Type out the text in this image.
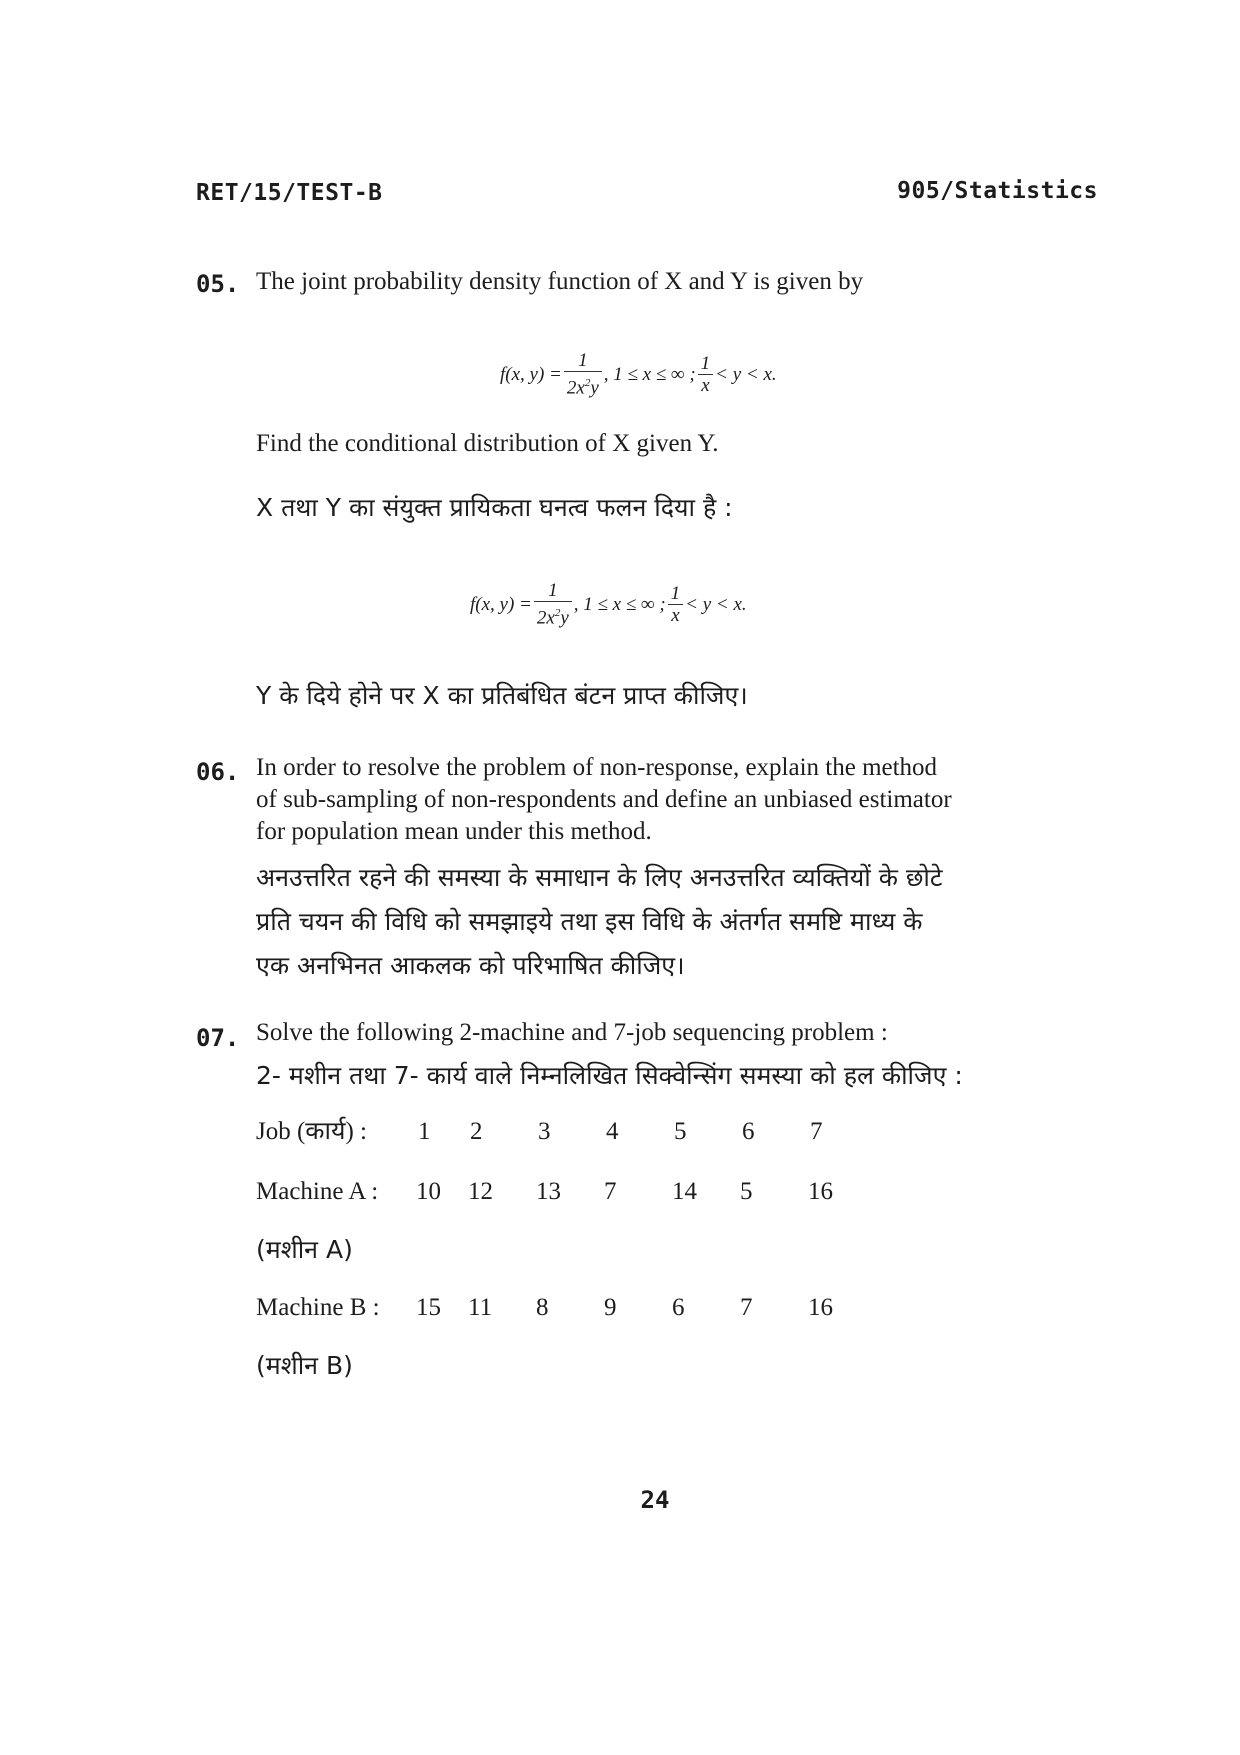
RET/15/TEST-B	905/Statistics
05. The joint probability density function of X and Y is given by
f(x, $y) = \frac{1}{2x^2y}$ , 1 ≤ x ≤ ∞ ; $\frac{1}{x} < y < x$.
Find the conditional distribution of X given Y.
X तथा Y का संयुक्त प्रायिकता घनत्व फलन दिया है :
f(x, $y) = \frac{1}{2x^2y}$ , 1 ≤ x ≤ ∞ ; $\frac{1}{x} < y < x$.
Y के दिये होने पर X का प्रतिबंधित बंटन प्राप्त कीजिए।
06. In order to resolve the problem of non-response, explain the method
of sub-sampling of non-respondents and define an unbiased estimator
for population mean under this method.
अनउत्तरित रहने की समस्या के समाधान के लिए अनउत्तरित व्यक्तियों के छोटे
प्रति चयन की विधि को समझाइये तथा इस विधि के अंतर्गत समष्टि माध्य के
एक अनभिनत आकलक को परिभाषित कीजिए।
07. Solve the following 2-machine and 7-job sequencing problem :
2- मशीन तथा 7- कार्य वाले निम्नलिखित सिक्वेन्सिंग समस्या को हल कीजिए :
Job (कार्य) :	1	2	3	4	5	6	7
Machine A :	10	12	13	7	14	5	16
(मशीन A)
Machine B :	15	11	8	9	6	7	16
(मशीन B)
24
